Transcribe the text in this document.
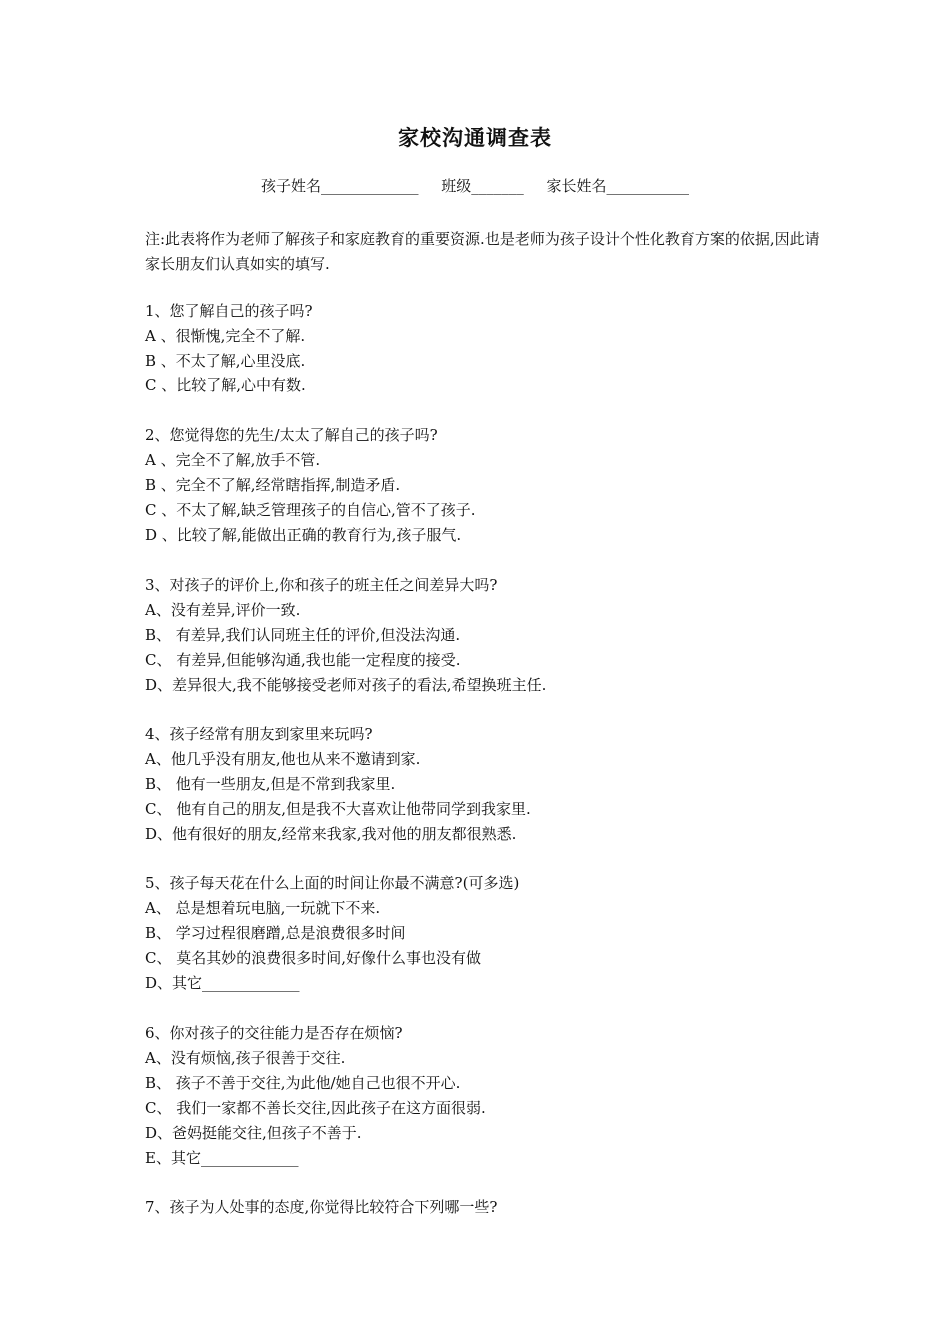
家校沟通调查表
孩子姓名_____________ 班级_______ 家长姓名___________
注:此表将作为老师了解孩子和家庭教育的重要资源.也是老师为孩子设计个性化教育方案的依据,因此请家长朋友们认真如实的填写.
1、您了解自己的孩子吗?
A 、很惭愧,完全不了解.
B 、不太了解,心里没底.
C 、比较了解,心中有数.
2、您觉得您的先生/太太了解自己的孩子吗?
A 、完全不了解,放手不管.
B 、完全不了解,经常瞎指挥,制造矛盾.
C 、不太了解,缺乏管理孩子的自信心,管不了孩子.
D 、比较了解,能做出正确的教育行为,孩子服气.
3、对孩子的评价上,你和孩子的班主任之间差异大吗?
A、没有差异,评价一致.
B、 有差异,我们认同班主任的评价,但没法沟通.
C、 有差异,但能够沟通,我也能一定程度的接受.
D、差异很大,我不能够接受老师对孩子的看法,希望换班主任.
4、孩子经常有朋友到家里来玩吗?
A、他几乎没有朋友,他也从来不邀请到家.
B、 他有一些朋友,但是不常到我家里.
C、 他有自己的朋友,但是我不大喜欢让他带同学到我家里.
D、他有很好的朋友,经常来我家,我对他的朋友都很熟悉.
5、孩子每天花在什么上面的时间让你最不满意?(可多选)
A、 总是想着玩电脑,一玩就下不来.
B、 学习过程很磨蹭,总是浪费很多时间
C、 莫名其妙的浪费很多时间,好像什么事也没有做
D、其它_____________
6、你对孩子的交往能力是否存在烦恼?
A、没有烦恼,孩子很善于交往.
B、 孩子不善于交往,为此他/她自己也很不开心.
C、 我们一家都不善长交往,因此孩子在这方面很弱.
D、爸妈挺能交往,但孩子不善于.
E、其它_____________
7、孩子为人处事的态度,你觉得比较符合下列哪一些?
